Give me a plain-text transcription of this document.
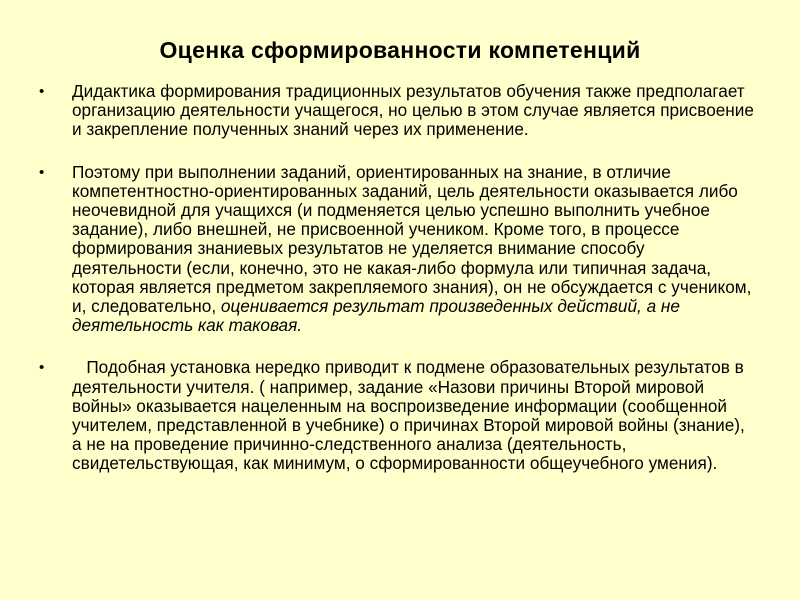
Оценка сформированности компетенций
• Дидактика формирования традиционных результатов обучения также предполагает организацию деятельности учащегося, но целью в этом случае является присвоение и закрепление полученных знаний через их применение.
• Поэтому при выполнении заданий, ориентированных на знание, в отличие компетентностно-ориентированных заданий, цель деятельности оказывается либо неочевидной для учащихся (и подменяется целью успешно выполнить учебное задание), либо внешней, не присвоенной учеником. Кроме того, в процессе формирования знаниевых результатов не уделяется внимание способу деятельности (если, конечно, это не какая-либо формула или типичная задача, которая является предметом закрепляемого знания), он не обсуждается с учеником, и, следовательно, оценивается результат произведенных действий, а не деятельность как таковая.
• Подобная установка нередко приводит к подмене образовательных результатов в деятельности учителя. ( например, задание «Назови причины Второй мировой войны» оказывается нацеленным на воспроизведение информации (сообщенной учителем, представленной в учебнике) о причинах Второй мировой войны (знание), а не на проведение причинно-следственного анализа (деятельность, свидетельствующая, как минимум, о сформированности общеучебного умения).
